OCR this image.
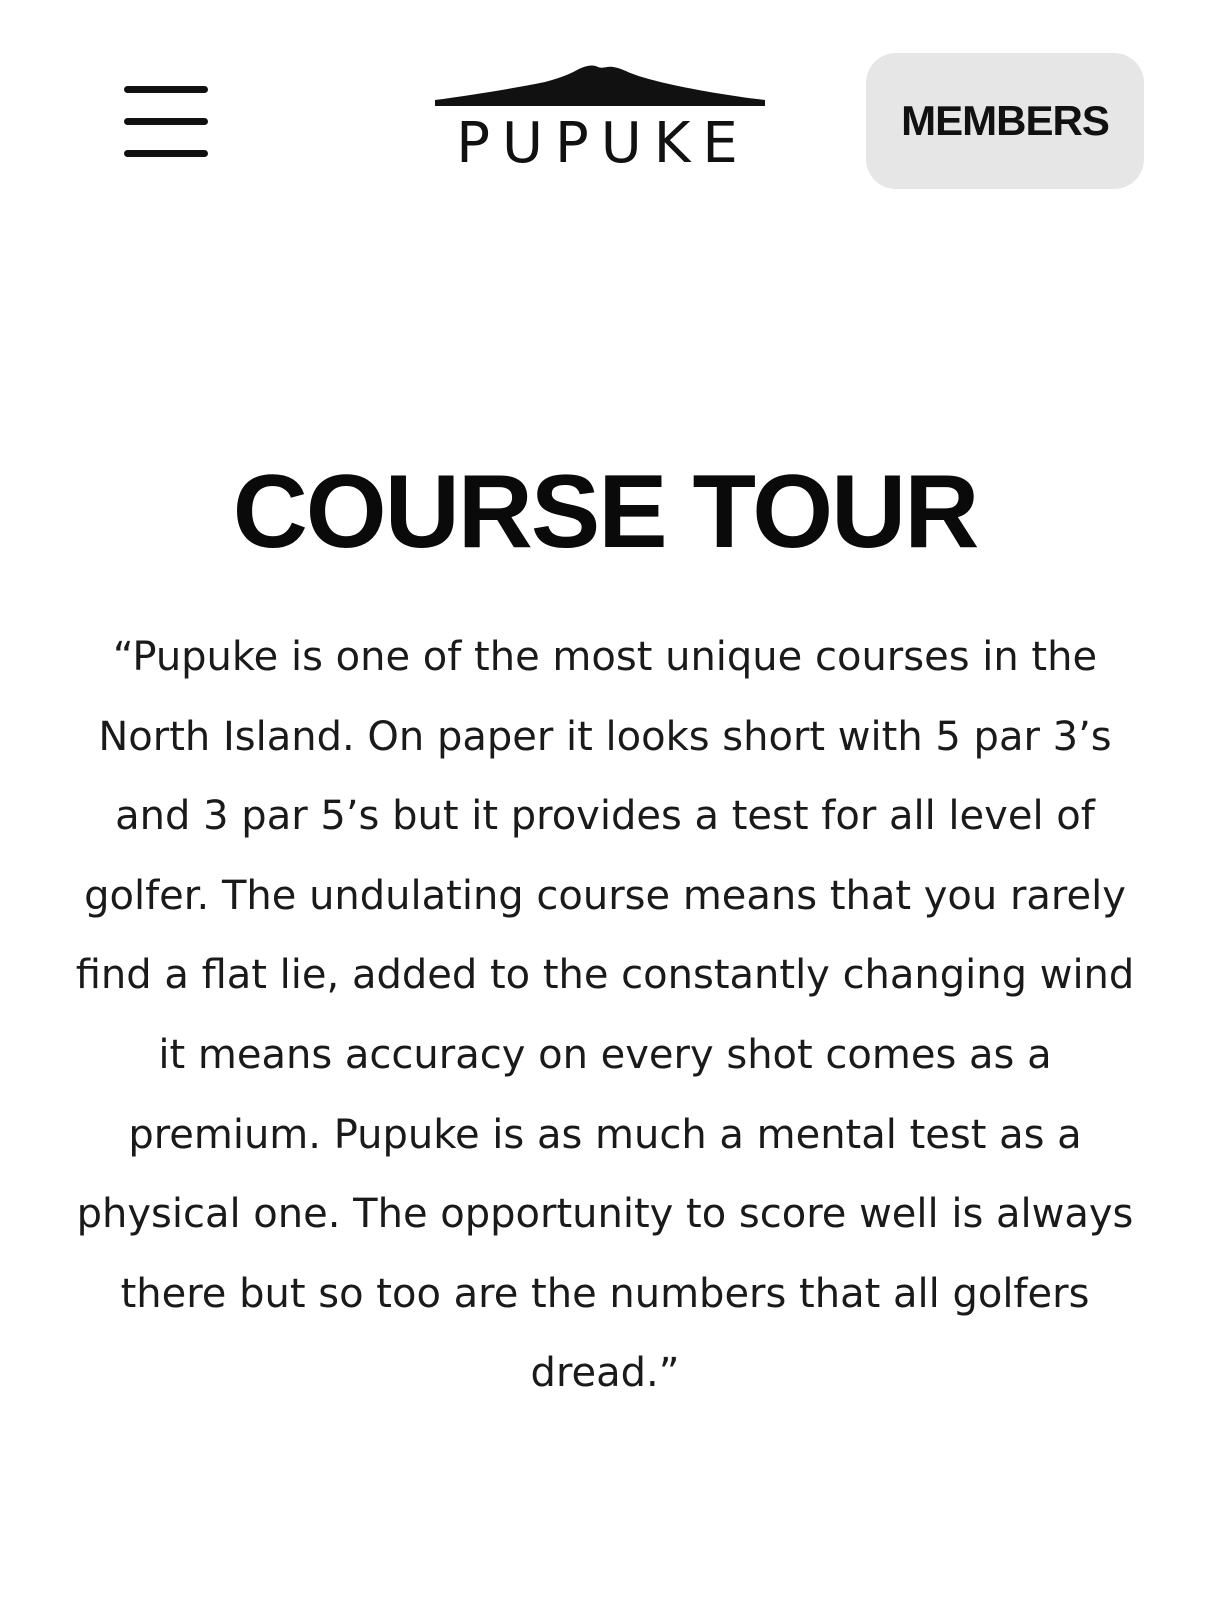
PUPUKE	MEMBERS
COURSE TOUR

“Pupuke is one of the most unique courses in the North Island. On paper it looks short with 5 par 3’s and 3 par 5’s but it provides a test for all level of golfer. The undulating course means that you rarely find a flat lie, added to the constantly changing wind it means accuracy on every shot comes as a premium. Pupuke is as much a mental test as a physical one. The opportunity to score well is always there but so too are the numbers that all golfers dread.”
